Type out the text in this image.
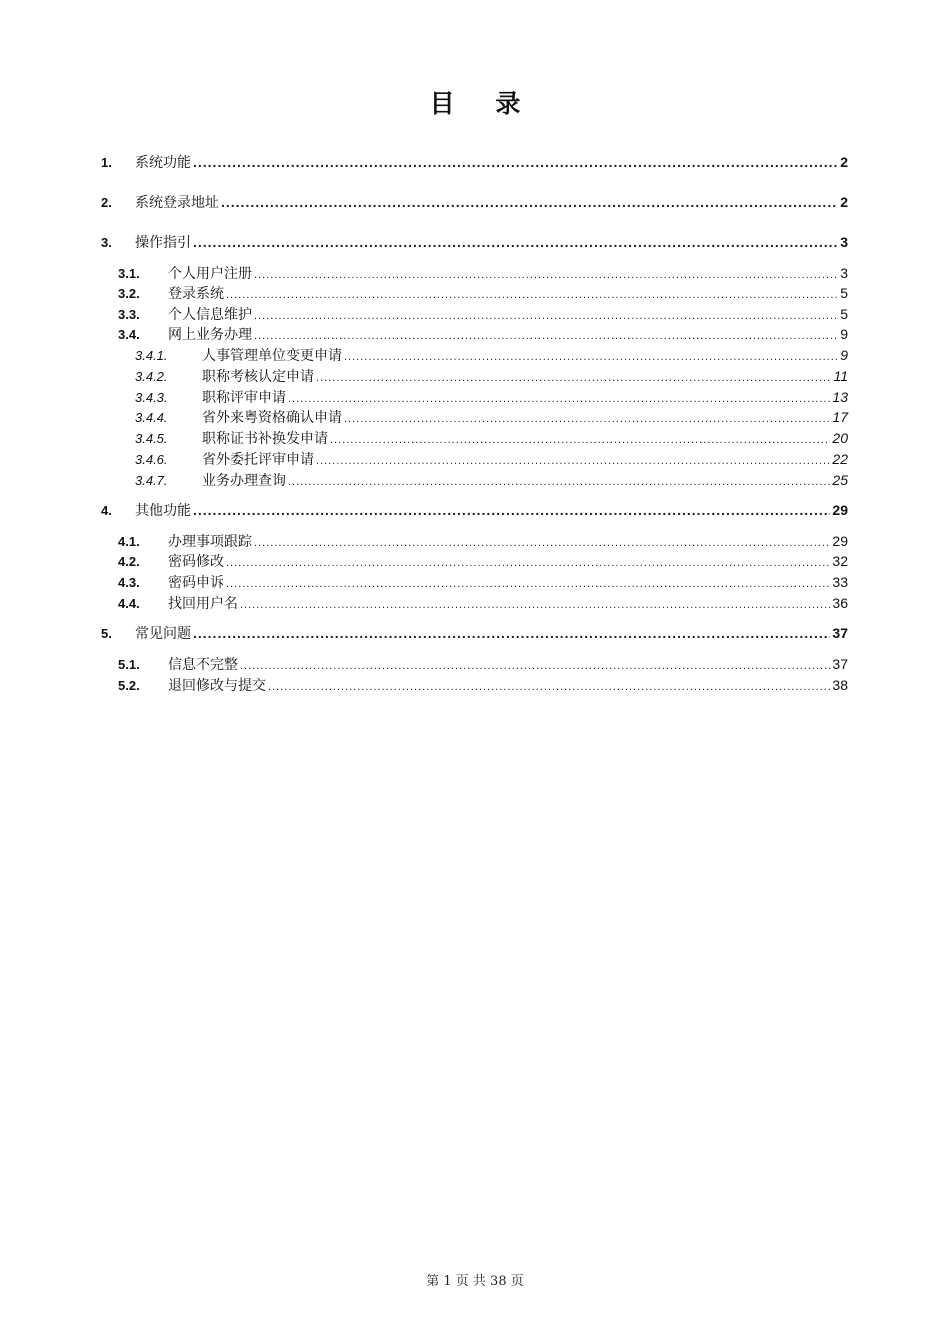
目 录
1.	系统功能 .....	2
2.	系统登录地址 .....	2
3.	操作指引 .....	3
3.1.	个人用户注册 .....	3
3.2.	登录系统 .....	5
3.3.	个人信息维护 .....	5
3.4.	网上业务办理 .....	9
3.4.1.	人事管理单位变更申请 .....	9
3.4.2.	职称考核认定申请 .....	11
3.4.3.	职称评审申请 .....	13
3.4.4.	省外来粤资格确认申请 .....	17
3.4.5.	职称证书补换发申请 .....	20
3.4.6.	省外委托评审申请 .....	22
3.4.7.	业务办理查询 .....	25
4.	其他功能 .....	29
4.1.	办理事项跟踪 .....	29
4.2.	密码修改 .....	32
4.3.	密码申诉 .....	33
4.4.	找回用户名 .....	36
5.	常见问题 .....	37
5.1.	信息不完整 .....	37
5.2.	退回修改与提交 .....	38
第 1 页 共 38 页
